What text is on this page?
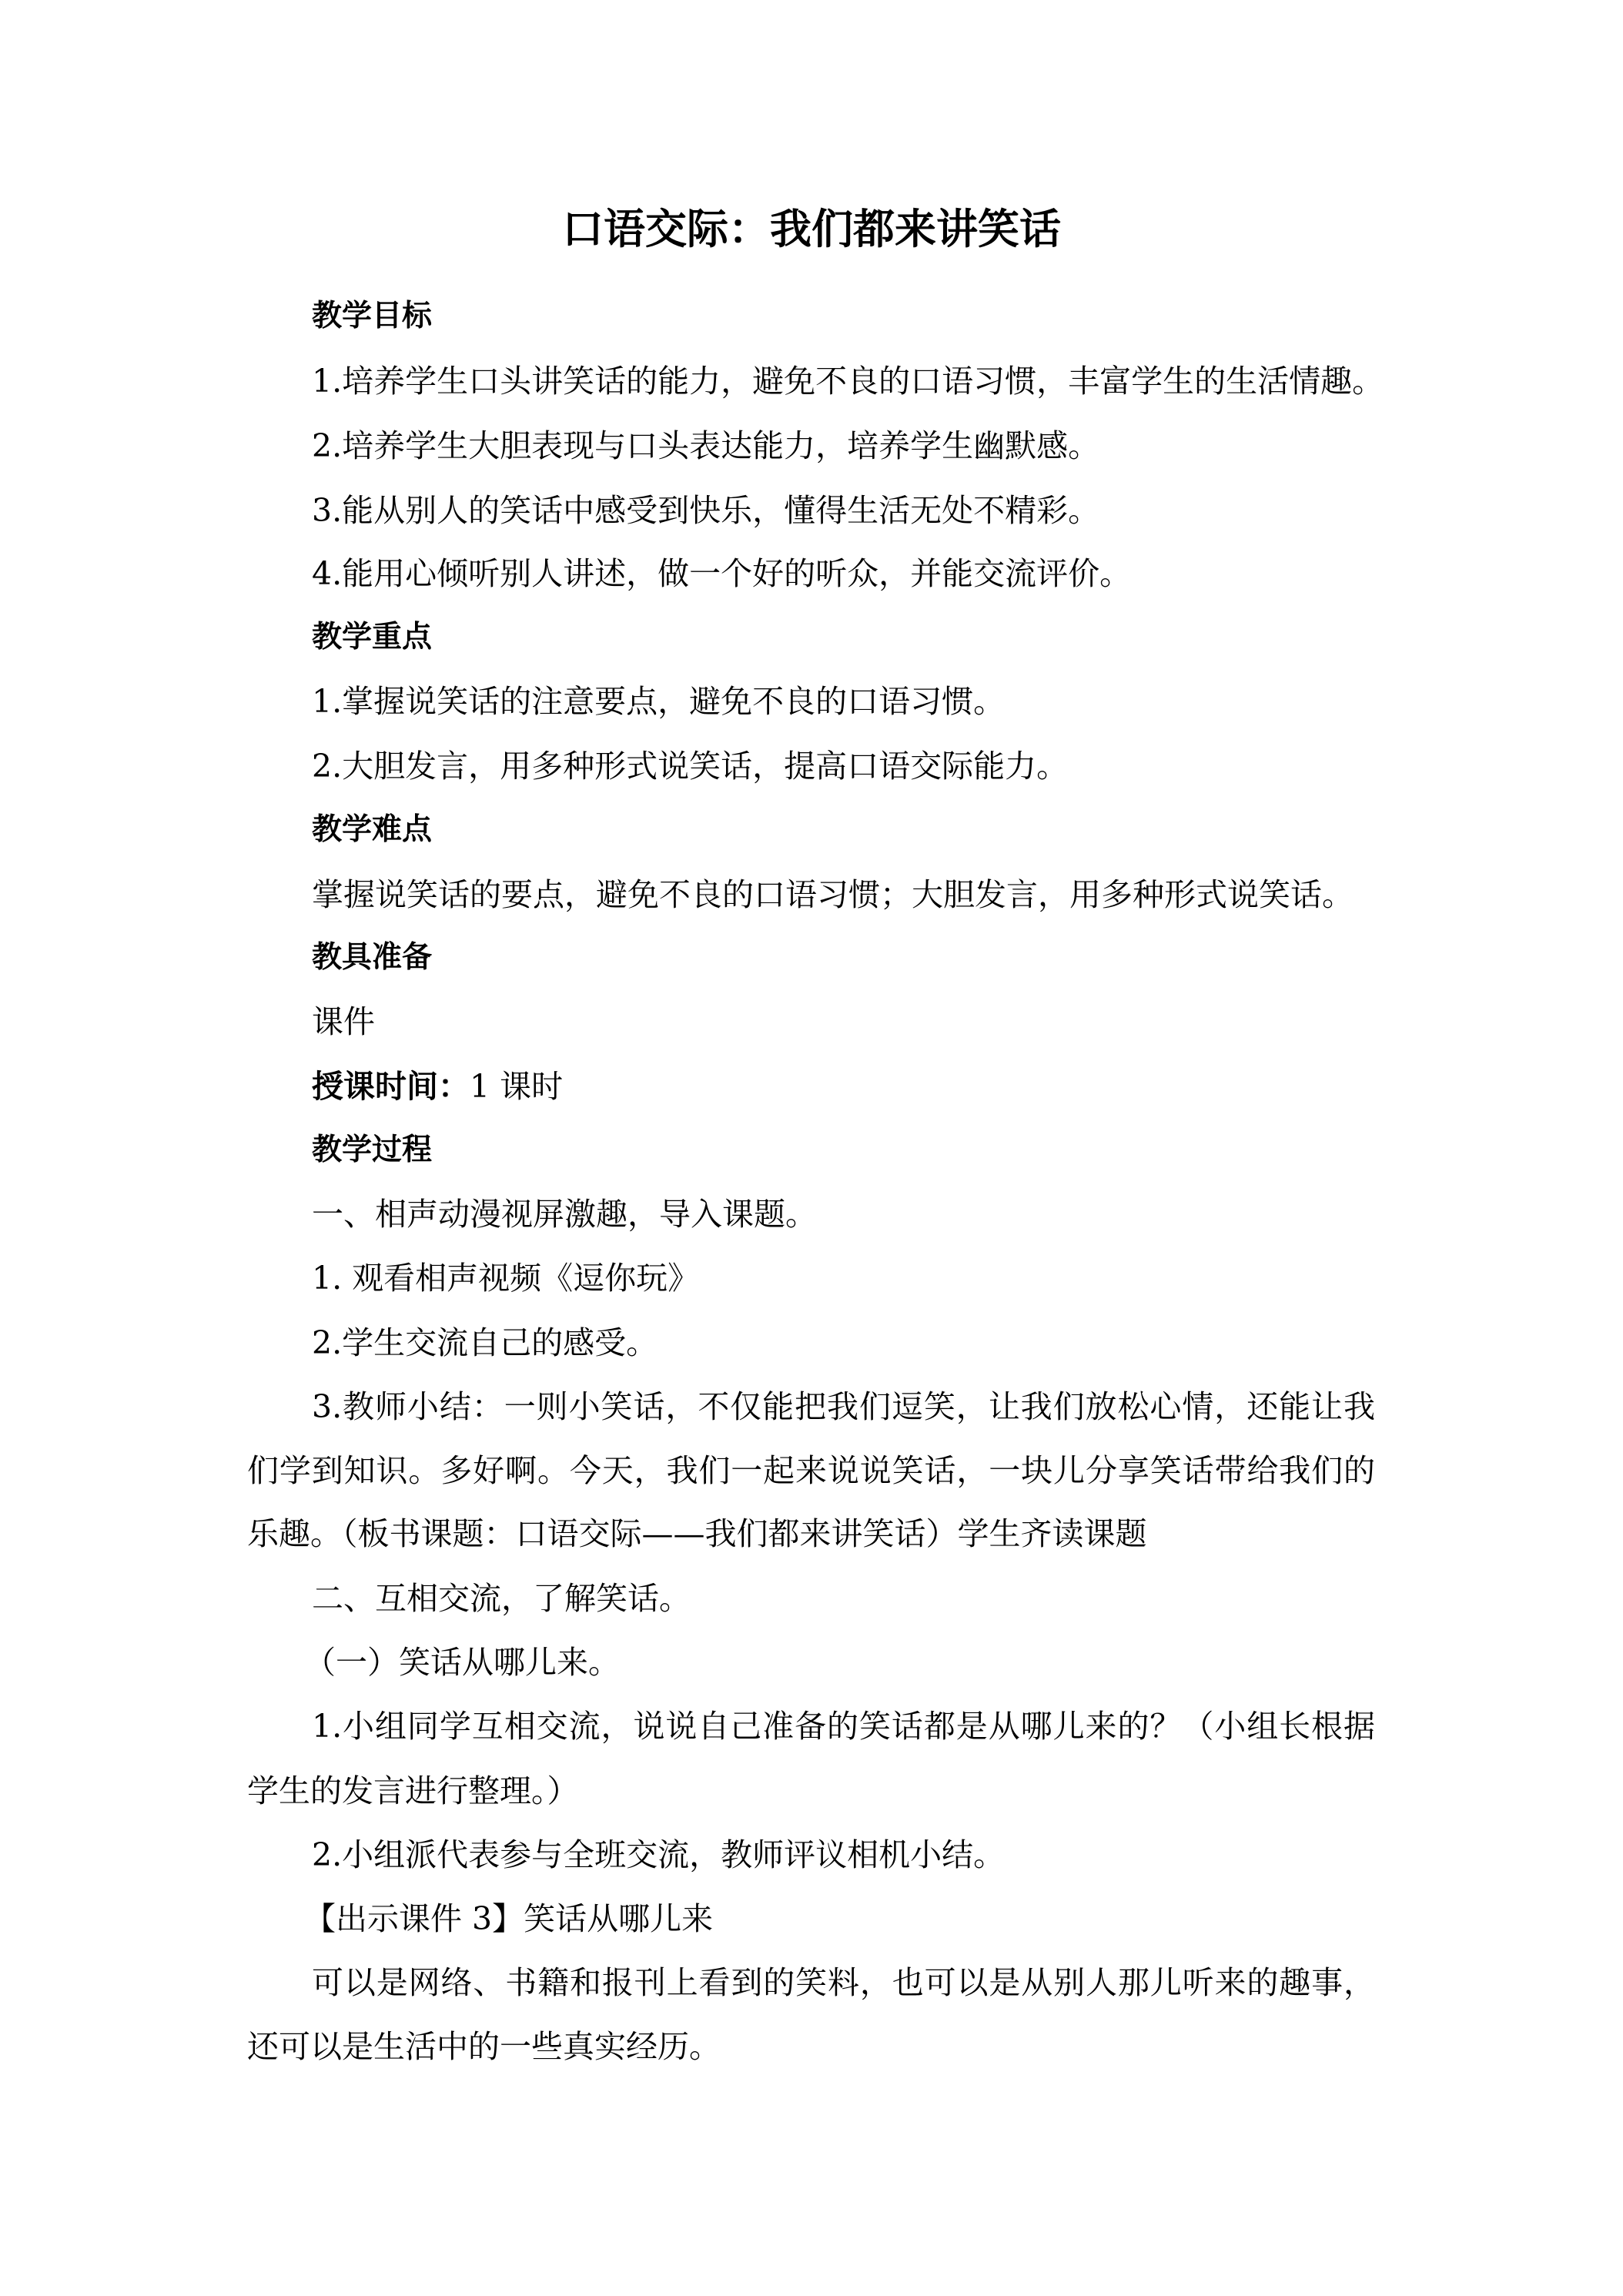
口语交际：我们都来讲笑话
教学目标
1.培养学生口头讲笑话的能力，避免不良的口语习惯，丰富学生的生活情趣。
2.培养学生大胆表现与口头表达能力，培养学生幽默感。
3.能从别人的笑话中感受到快乐，懂得生活无处不精彩。
4.能用心倾听别人讲述，做一个好的听众，并能交流评价。
教学重点
1.掌握说笑话的注意要点，避免不良的口语习惯。
2.大胆发言，用多种形式说笑话，提高口语交际能力。
教学难点
掌握说笑话的要点，避免不良的口语习惯；大胆发言，用多种形式说笑话。
教具准备
课件
授课时间：1 课时
教学过程
一、相声动漫视屏激趣，导入课题。
1. 观看相声视频《逗你玩》
2.学生交流自己的感受。
3.教师小结：一则小笑话，不仅能把我们逗笑，让我们放松心情，还能让我
们学到知识。多好啊。今天，我们一起来说说笑话，一块儿分享笑话带给我们的
乐趣。（板书课题：口语交际——我们都来讲笑话）学生齐读课题
二、互相交流，了解笑话。
（一）笑话从哪儿来。
1.小组同学互相交流，说说自己准备的笑话都是从哪儿来的？（小组长根据
学生的发言进行整理。）
2.小组派代表参与全班交流，教师评议相机小结。
【出示课件 3】笑话从哪儿来
可以是网络、书籍和报刊上看到的笑料，也可以是从别人那儿听来的趣事，
还可以是生活中的一些真实经历。
